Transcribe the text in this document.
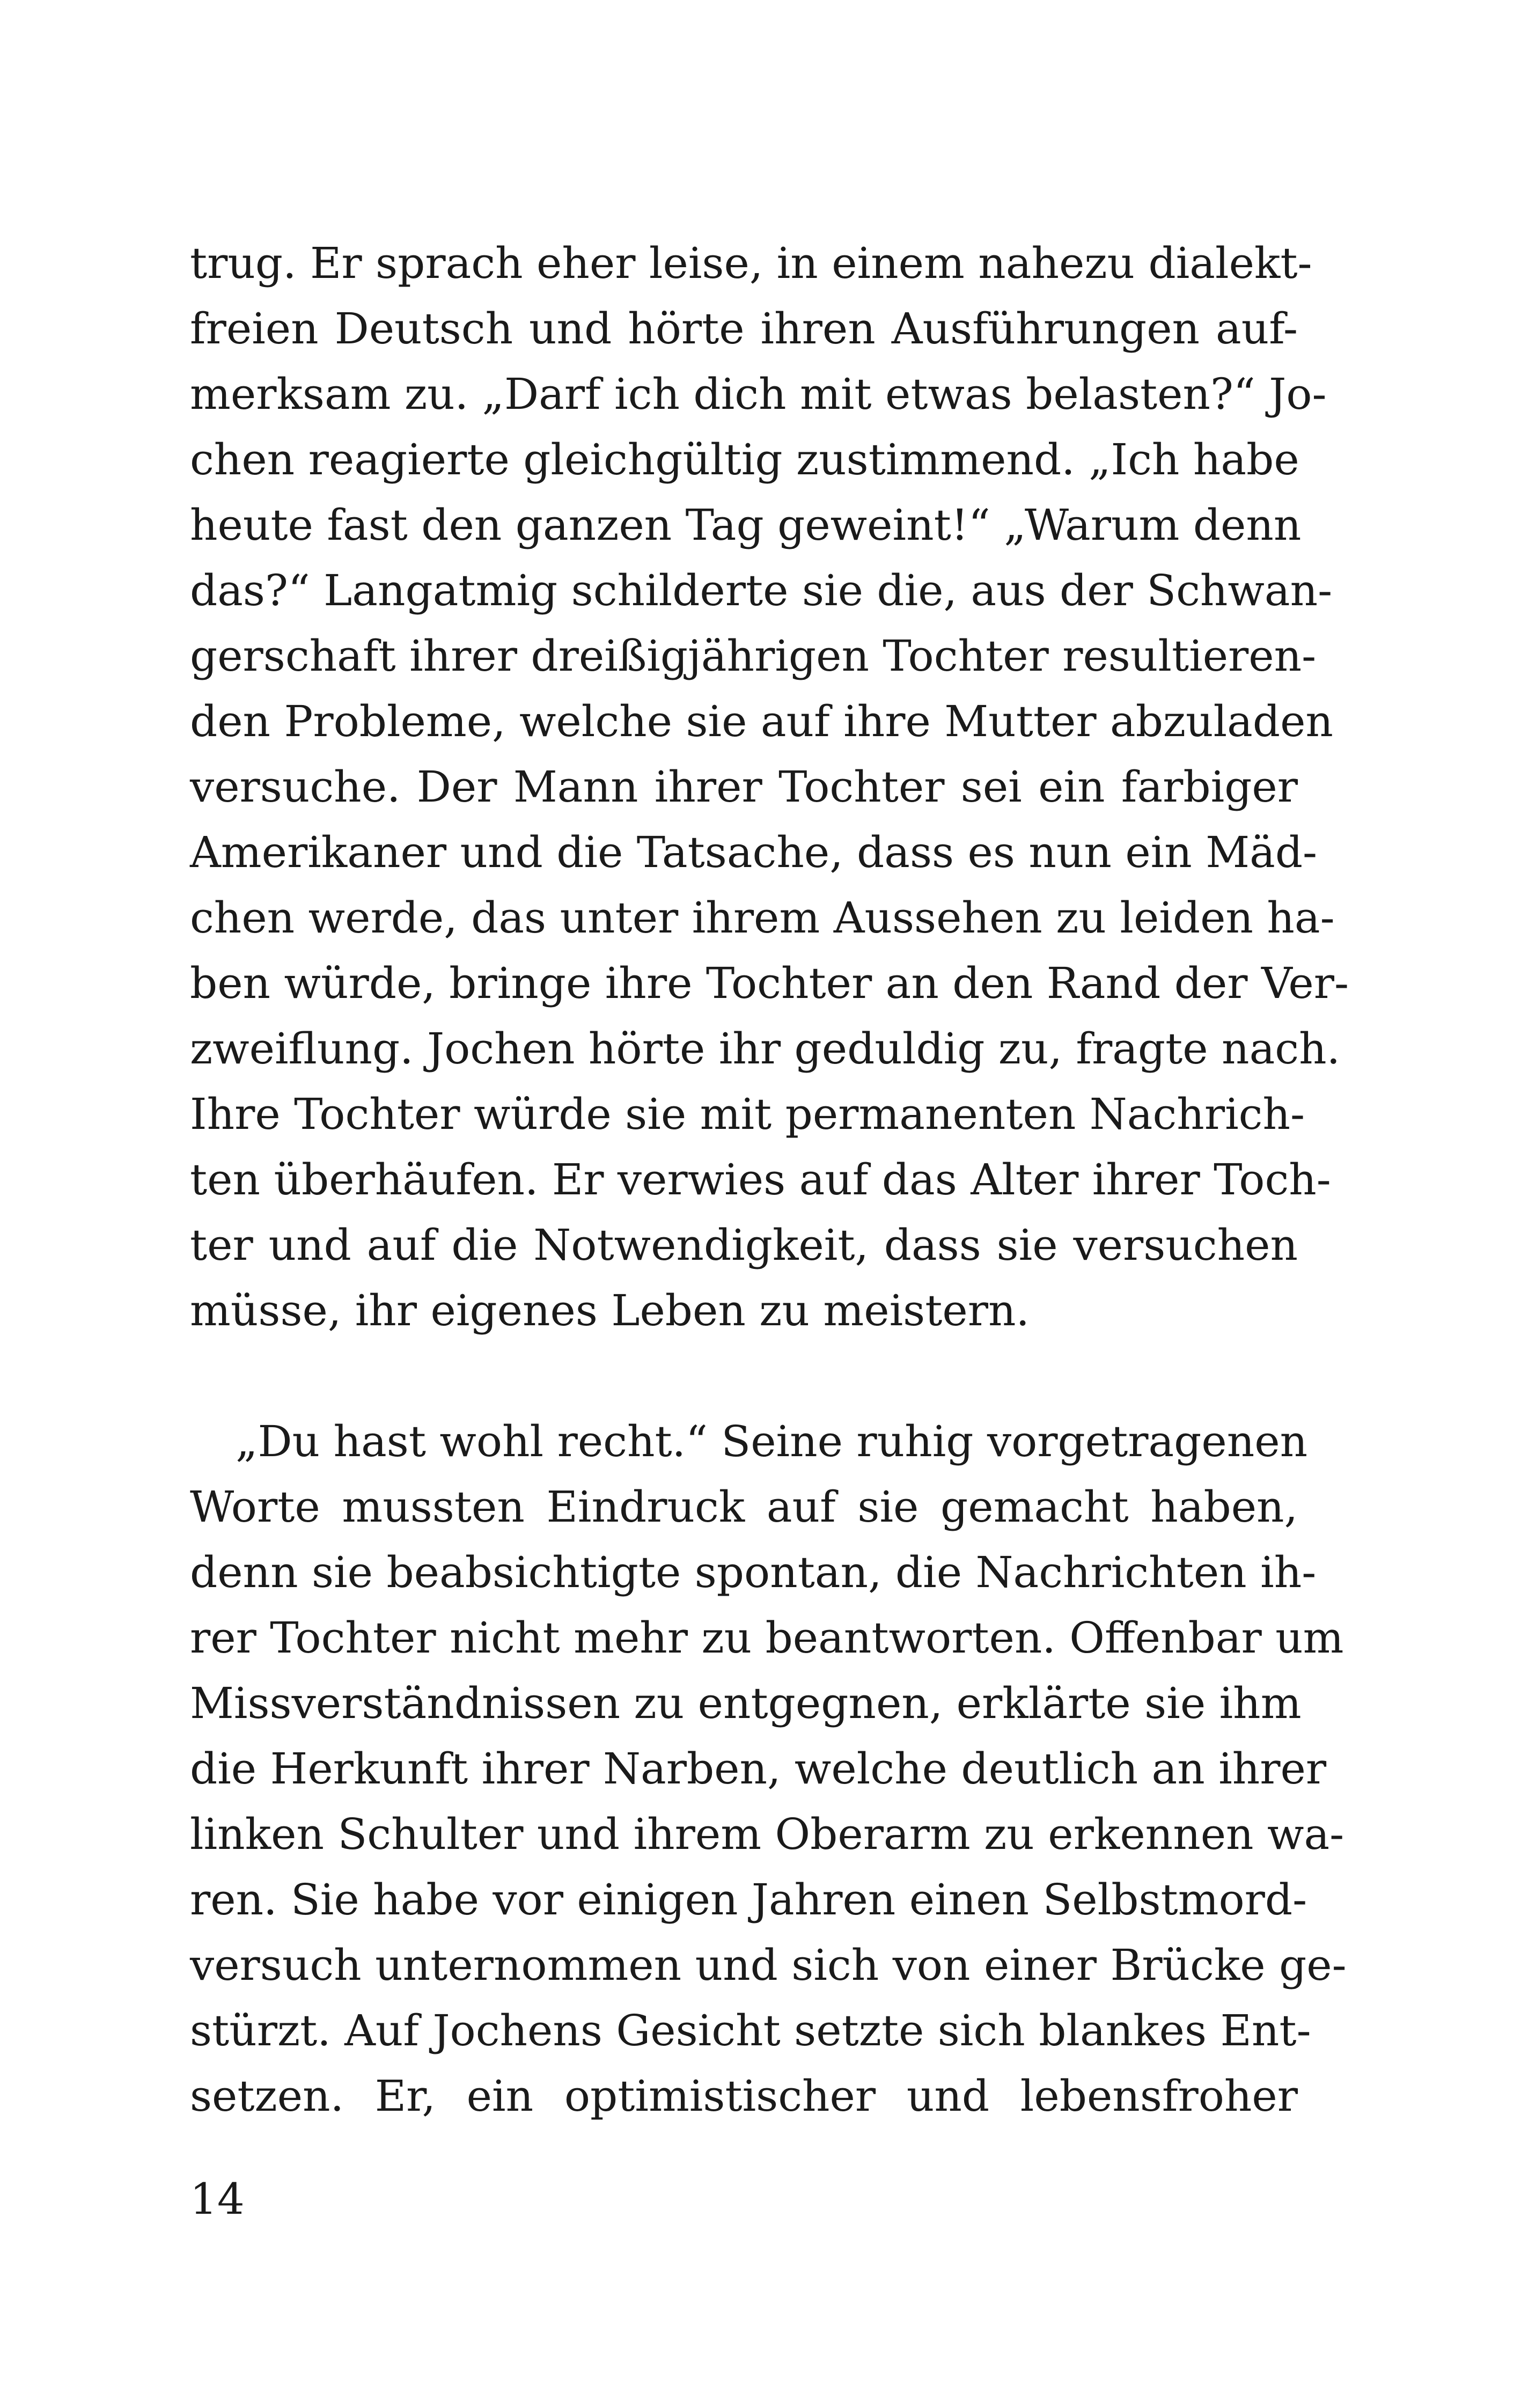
trug. Er sprach eher leise, in einem nahezu dialekt-
freien Deutsch und hörte ihren Ausführungen auf-
merksam zu. „Darf ich dich mit etwas belasten?“ Jo-
chen reagierte gleichgültig zustimmend. „Ich habe
heute fast den ganzen Tag geweint!“ „Warum denn
das?“ Langatmig schilderte sie die, aus der Schwan-
gerschaft ihrer dreißigjährigen Tochter resultieren-
den Probleme, welche sie auf ihre Mutter abzuladen
versuche. Der Mann ihrer Tochter sei ein farbiger
Amerikaner und die Tatsache, dass es nun ein Mäd-
chen werde, das unter ihrem Aussehen zu leiden ha-
ben würde, bringe ihre Tochter an den Rand der Ver-
zweiflung. Jochen hörte ihr geduldig zu, fragte nach.
Ihre Tochter würde sie mit permanenten Nachrich-
ten überhäufen. Er verwies auf das Alter ihrer Toch-
ter und auf die Notwendigkeit, dass sie versuchen
müsse, ihr eigenes Leben zu meistern.
„Du hast wohl recht.“ Seine ruhig vorgetragenen
Worte mussten Eindruck auf sie gemacht haben,
denn sie beabsichtigte spontan, die Nachrichten ih-
rer Tochter nicht mehr zu beantworten. Offenbar um
Missverständnissen zu entgegnen, erklärte sie ihm
die Herkunft ihrer Narben, welche deutlich an ihrer
linken Schulter und ihrem Oberarm zu erkennen wa-
ren. Sie habe vor einigen Jahren einen Selbstmord-
versuch unternommen und sich von einer Brücke ge-
stürzt. Auf Jochens Gesicht setzte sich blankes Ent-
setzen. Er, ein optimistischer und lebensfroher
14
